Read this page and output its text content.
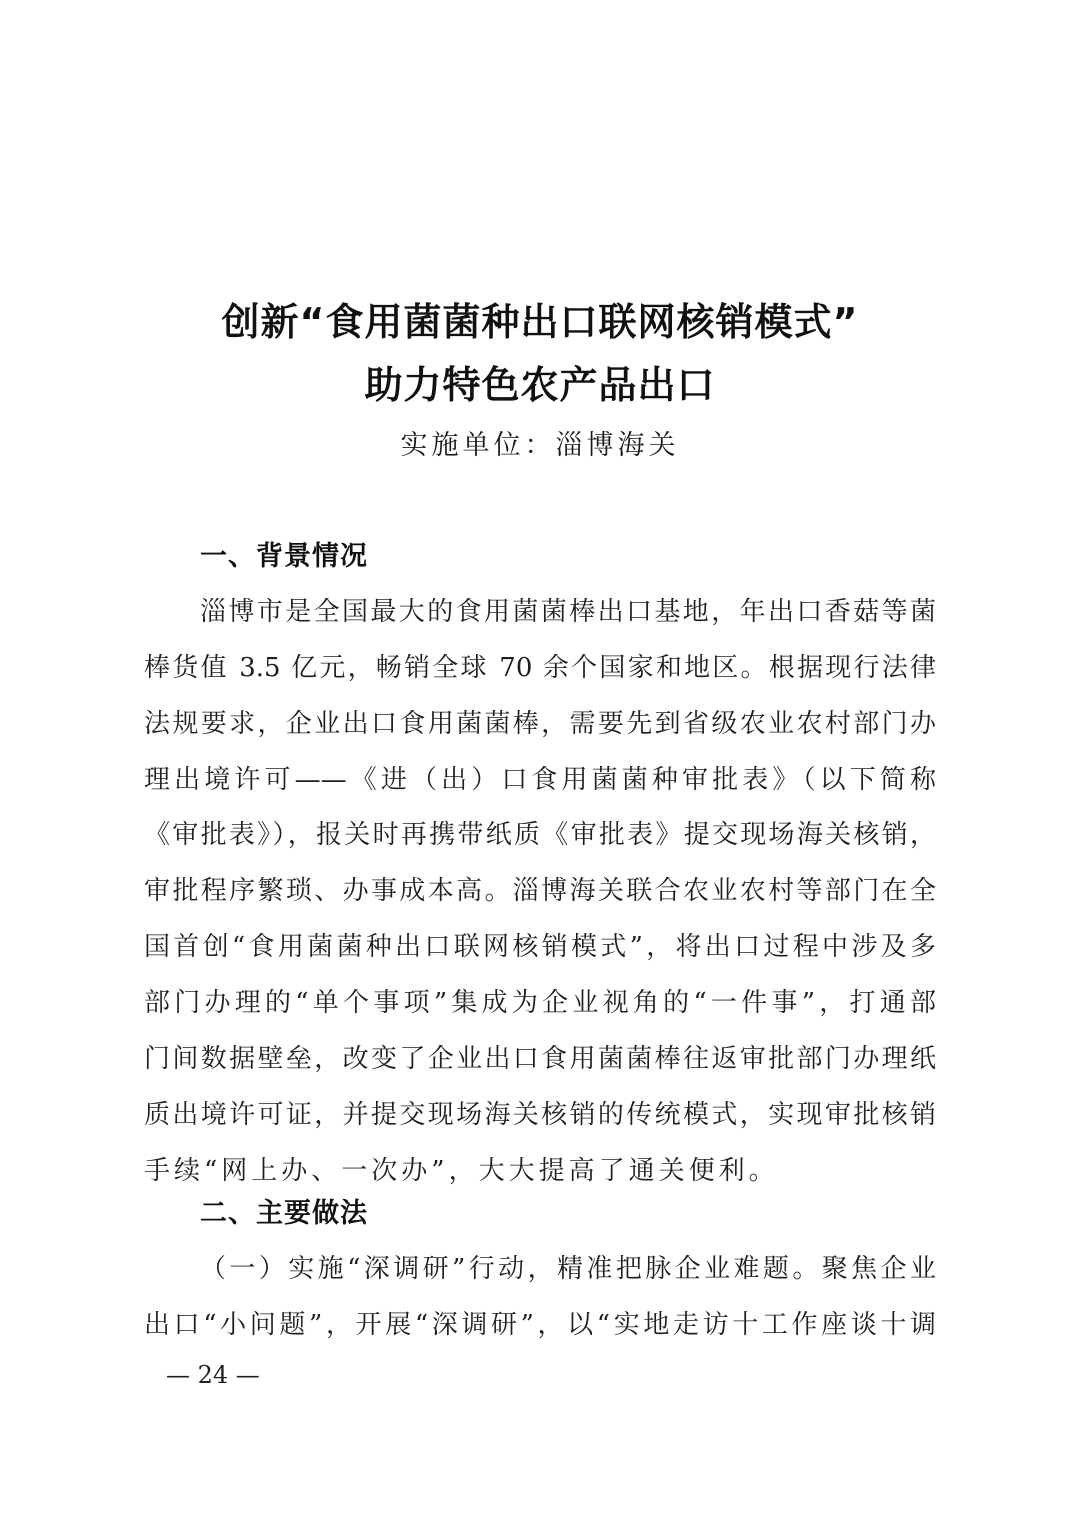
创新“食用菌菌种出口联网核销模式”
助力特色农产品出口
实施单位：淄博海关
一、背景情况
淄博市是全国最大的食用菌菌棒出口基地，年出口香菇等菌
棒货值 3.5 亿元，畅销全球 70 余个国家和地区。根据现行法律
法规要求，企业出口食用菌菌棒，需要先到省级农业农村部门办
理出境许可——《进（出）口食用菌菌种审批表》（以下简称
《审批表》），报关时再携带纸质《审批表》提交现场海关核销，
审批程序繁琐、办事成本高。淄博海关联合农业农村等部门在全
国首创“食用菌菌种出口联网核销模式”，将出口过程中涉及多
部门办理的“单个事项”集成为企业视角的“一件事”，打通部
门间数据壁垒，改变了企业出口食用菌菌棒往返审批部门办理纸
质出境许可证，并提交现场海关核销的传统模式，实现审批核销
手续“网上办、一次办”，大大提高了通关便利。
二、主要做法
（一）实施“深调研”行动，精准把脉企业难题。聚焦企业
出口“小问题”，开展“深调研”，以“实地走访十工作座谈十调
— 24 —
